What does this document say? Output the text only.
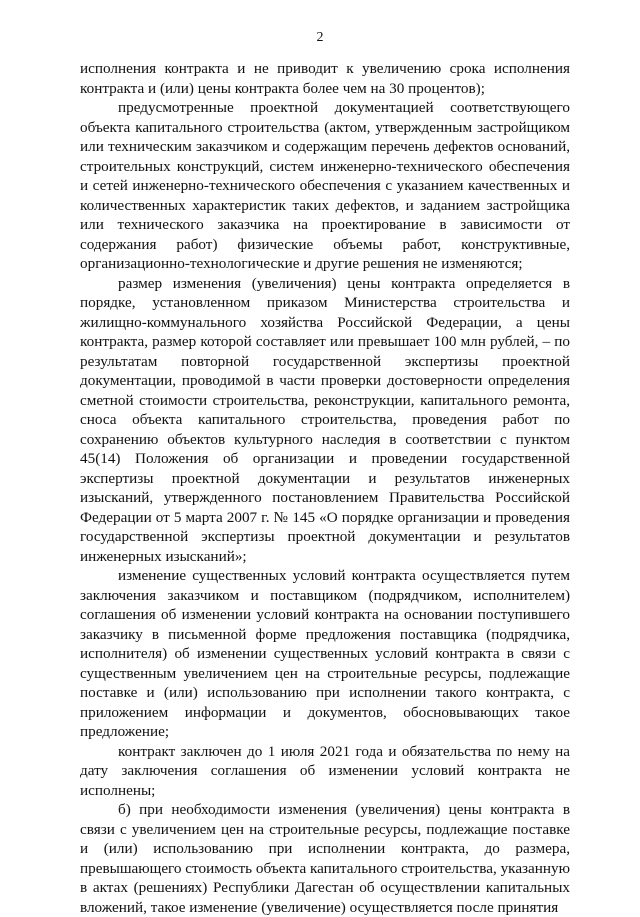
2

исполнения контракта и не приводит к увеличению срока исполнения контракта и (или) цены контракта более чем на 30 процентов);

предусмотренные проектной документацией соответствующего объекта капитального строительства (актом, утвержденным застройщиком или техническим заказчиком и содержащим перечень дефектов оснований, строительных конструкций, систем инженерно-технического обеспечения и сетей инженерно-технического обеспечения с указанием качественных и количественных характеристик таких дефектов, и заданием застройщика или технического заказчика на проектирование в зависимости от содержания работ) физические объемы работ, конструктивные, организационно-технологические и другие решения не изменяются;

размер изменения (увеличения) цены контракта определяется в порядке, установленном приказом Министерства строительства и жилищно-коммунального хозяйства Российской Федерации, а цены контракта, размер которой составляет или превышает 100 млн рублей, – по результатам повторной государственной экспертизы проектной документации, проводимой в части проверки достоверности определения сметной стоимости строительства, реконструкции, капитального ремонта, сноса объекта капитального строительства, проведения работ по сохранению объектов культурного наследия в соответствии с пунктом 45(14) Положения об организации и проведении государственной экспертизы проектной документации и результатов инженерных изысканий, утвержденного постановлением Правительства Российской Федерации от 5 марта 2007 г. № 145 «О порядке организации и проведения государственной экспертизы проектной документации и результатов инженерных изысканий»;

изменение существенных условий контракта осуществляется путем заключения заказчиком и поставщиком (подрядчиком, исполнителем) соглашения об изменении условий контракта на основании поступившего заказчику в письменной форме предложения поставщика (подрядчика, исполнителя) об изменении существенных условий контракта в связи с существенным увеличением цен на строительные ресурсы, подлежащие поставке и (или) использованию при исполнении такого контракта, с приложением информации и документов, обосновывающих такое предложение;

контракт заключен до 1 июля 2021 года и обязательства по нему на дату заключения соглашения об изменении условий контракта не исполнены;

б) при необходимости изменения (увеличения) цены контракта в связи с увеличением цен на строительные ресурсы, подлежащие поставке и (или) использованию при исполнении контракта, до размера, превышающего стоимость объекта капитального строительства, указанную в актах (решениях) Республики Дагестан об осуществлении капитальных вложений, такое изменение (увеличение) осуществляется после принятия
